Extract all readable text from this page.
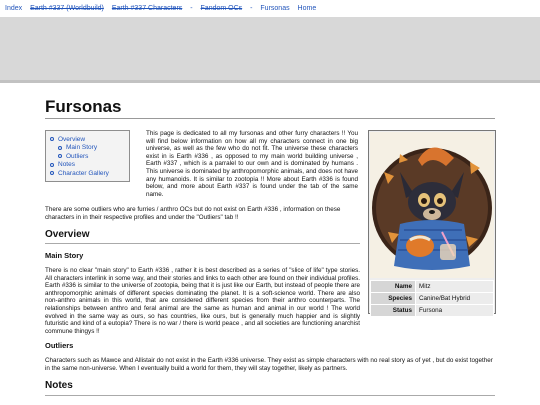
Index Earth #337 (Worldbuild) Earth #337 Characters - Fandom OCs - Fursonas Home
Fursonas
Overview
Main Story
Outliers
Notes
Character Gallery

This page is dedicated to all my fursonas and other furry characters !! You will find below information on how all my characters connect in one big universe, as well as the few who do not fit. The universe these characters exist in is Earth #336 , as opposed to my main world building universe , Earth #337 , which is a parralel to our own and is dominated by humans . This universe is dominated by anthropomorphic animals, and does not have any humanoids. It is similar to zootopia !! More about Earth #336 is found below, and more about Earth #337 is found under the tab of the same name.

Name	Mitz
Species	Canine/Bat Hybrid
Status	Fursona

There are some outliers who are furries / anthro OCs but do not exist on Earth #336 , information on these characters in in their respective profiles and under the "Outliers" tab !!

Overview
Main Story

There is no clear "main story" to Earth #336 , rather it is best described as a series of "slice of life" type stories. All characters interlink in some way, and their stories and links to each other are found on their individual profiles. Earth #336 is similar to the universe of zootopia, being that it is just like our Earth, but instead of people there are anthropomorphic animals of different species dominating the planet. It is a soft-science world. There are also non-anthro animals in this world, that are considered different species from their anthro counterparts. The relationships between anthro and feral animal are the same as human and animal in our world ! The world evolved in the same way as ours, so has countries, like ours, but is generally much happier and is slightly futuristic and kind of a eutopia? There is no war / there is world peace , and all societies are functioning anarchist commune thingys !!

Outliers

Characters such as Mawce and Allistair do not exist in the Earth #336 universe. They exist as simple characters with no real story as of yet , but do exist together in the same non-universe. When I eventually build a world for them, they will stay together, likely as partners.

Notes
